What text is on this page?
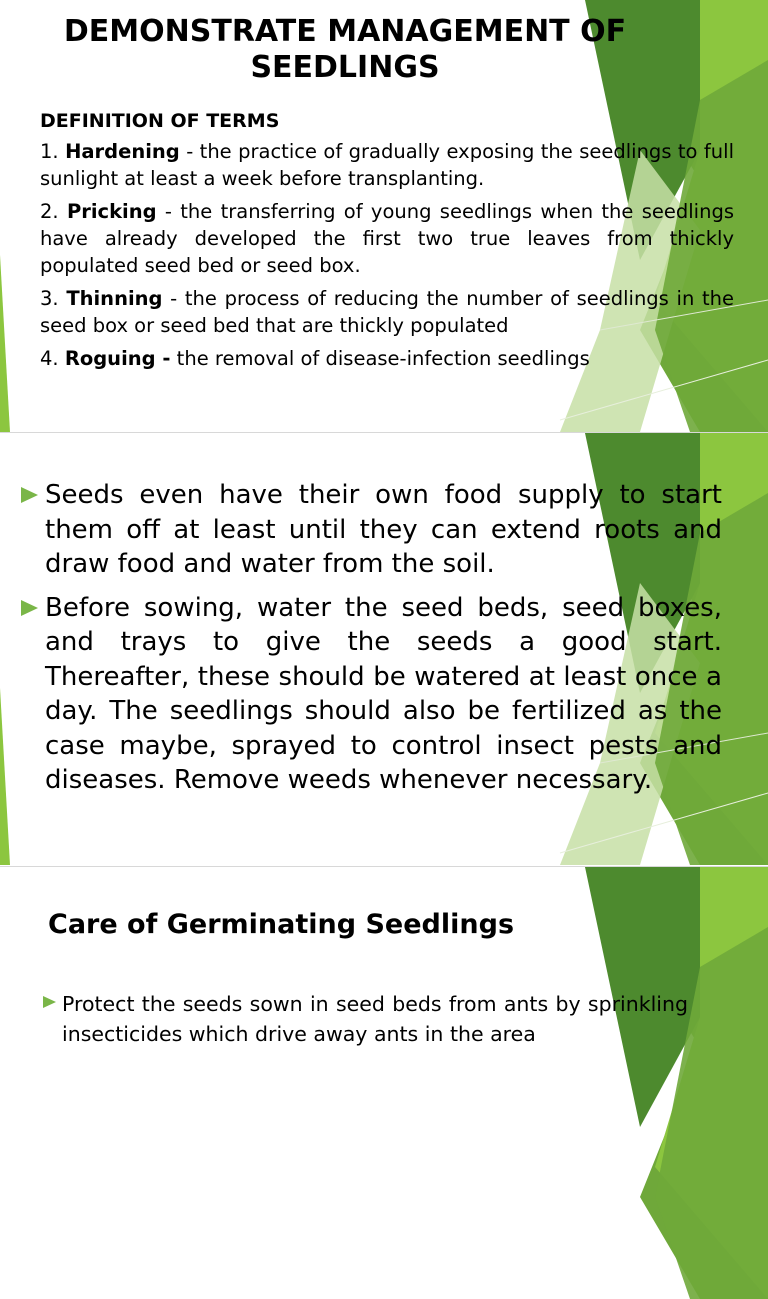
DEMONSTRATE MANAGEMENT OF SEEDLINGS
DEFINITION OF TERMS

1. Hardening - the practice of gradually exposing the seedlings to full sunlight at least a week before transplanting.

2. Pricking - the transferring of young seedlings when the seedlings have already developed the first two true leaves from thickly populated seed bed or seed box.

3. Thinning - the process of reducing the number of seedlings in the seed box or seed bed that are thickly populated

4. Roguing - the removal of disease-infection seedlings

Seeds even have their own food supply to start them off at least until they can extend roots and draw food and water from the soil.
Before sowing, water the seed beds, seed boxes, and trays to give the seeds a good start. Thereafter, these should be watered at least once a day. The seedlings should also be fertilized as the case maybe, sprayed to control insect pests and diseases. Remove weeds whenever necessary.
Care of Germinating Seedlings
Protect the seeds sown in seed beds from ants by sprinkling insecticides which drive away ants in the area
